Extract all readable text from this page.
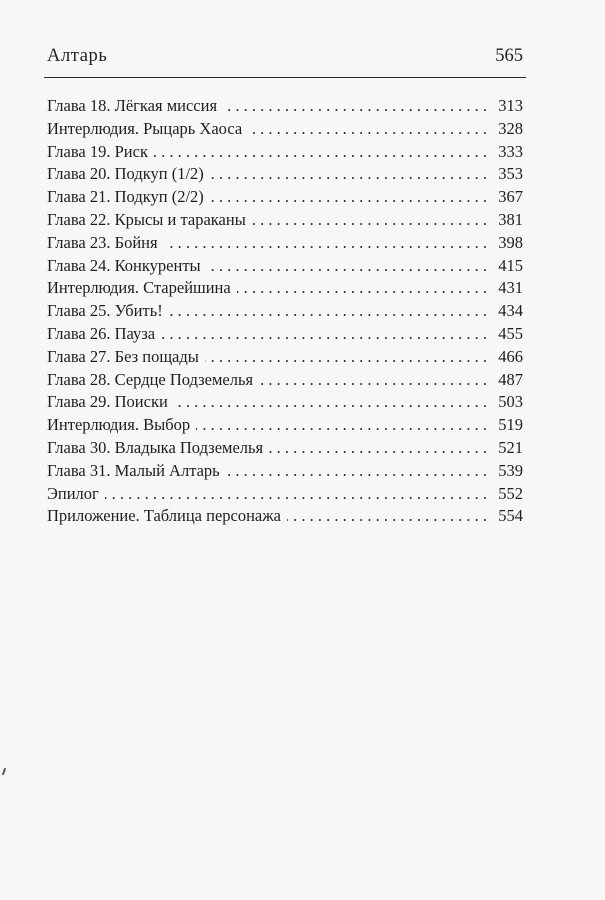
Алтарь	565
Глава 18. Лёгкая миссия . . .	313
Интерлюдия. Рыцарь Хаоса . . .	328
Глава 19. Риск . . .	333
Глава 20. Подкуп (1/2) . . .	353
Глава 21. Подкуп (2/2) . . .	367
Глава 22. Крысы и тараканы . . .	381
Глава 23. Бойня . . .	398
Глава 24. Конкуренты . . .	415
Интерлюдия. Старейшина . . .	431
Глава 25. Убить! . . .	434
Глава 26. Пауза . . .	455
Глава 27. Без пощады . . .	466
Глава 28. Сердце Подземелья . . .	487
Глава 29. Поиски . . .	503
Интерлюдия. Выбор . . .	519
Глава 30. Владыка Подземелья . . .	521
Глава 31. Малый Алтарь . . .	539
Эпилог . . .	552
Приложение. Таблица персонажа . . .	554
